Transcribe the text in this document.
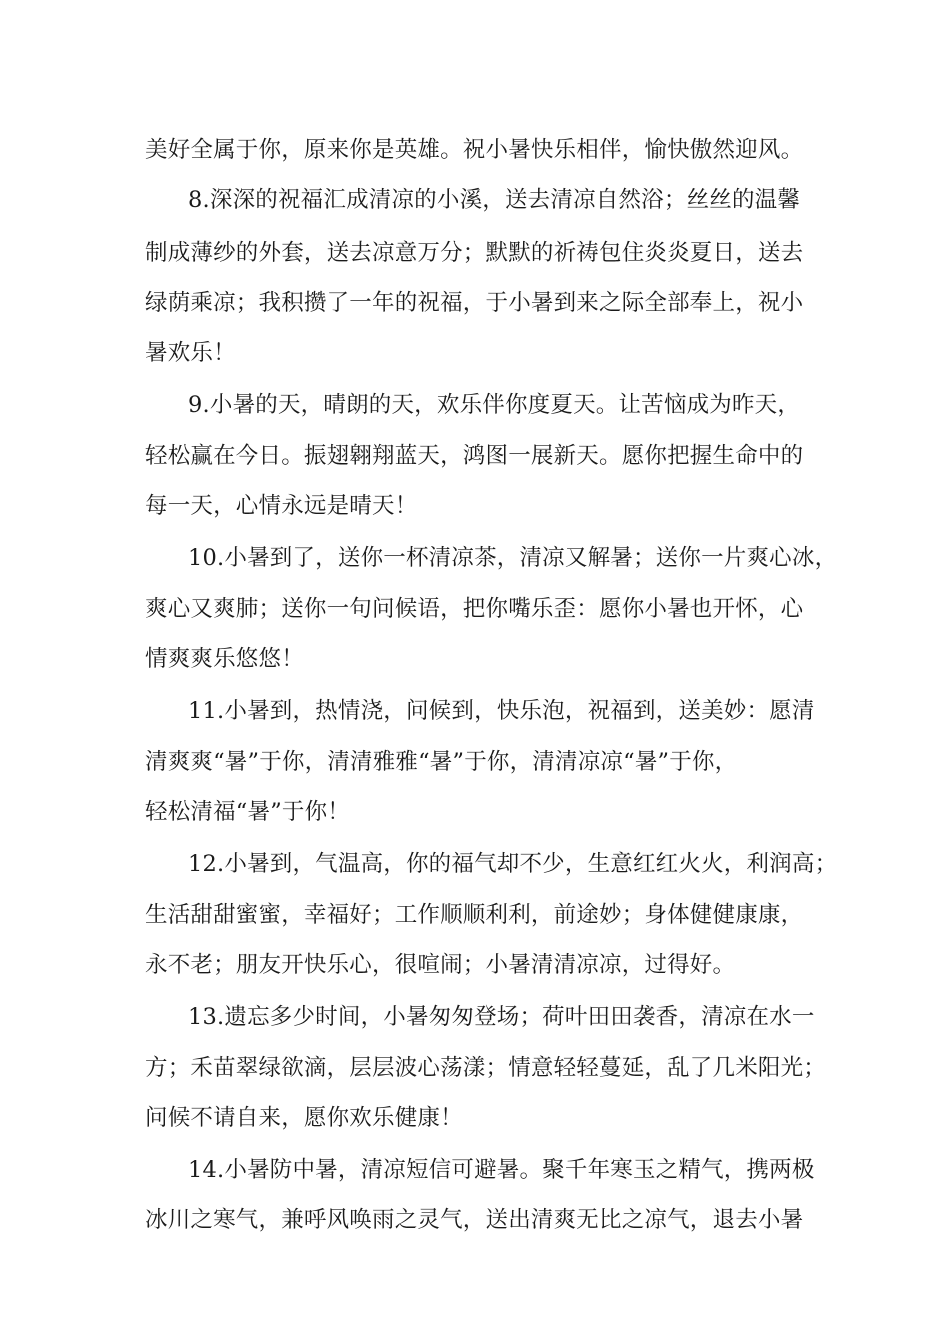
美好全属于你，原来你是英雄。祝小暑快乐相伴，愉快傲然迎风。
8.深深的祝福汇成清凉的小溪，送去清凉自然浴；丝丝的温馨
制成薄纱的外套，送去凉意万分；默默的祈祷包住炎炎夏日，送去
绿荫乘凉；我积攒了一年的祝福，于小暑到来之际全部奉上，祝小
暑欢乐！
9.小暑的天，晴朗的天，欢乐伴你度夏天。让苦恼成为昨天，
轻松赢在今日。振翅翱翔蓝天，鸿图一展新天。愿你把握生命中的
每一天，心情永远是晴天！
10.小暑到了，送你一杯清凉茶，清凉又解暑；送你一片爽心冰，
爽心又爽肺；送你一句问候语，把你嘴乐歪：愿你小暑也开怀，心
情爽爽乐悠悠！
11.小暑到，热情浇，问候到，快乐泡，祝福到，送美妙：愿清
清爽爽“暑”于你，清清雅雅“暑”于你，清清凉凉“暑”于你，
轻松清福“暑”于你！
12.小暑到，气温高，你的福气却不少，生意红红火火，利润高；
生活甜甜蜜蜜，幸福好；工作顺顺利利，前途妙；身体健健康康，
永不老；朋友开快乐心，很喧闹；小暑清清凉凉，过得好。
13.遗忘多少时间，小暑匆匆登场；荷叶田田袭香，清凉在水一
方；禾苗翠绿欲滴，层层波心荡漾；情意轻轻蔓延，乱了几米阳光；
问候不请自来，愿你欢乐健康！
14.小暑防中暑，清凉短信可避暑。聚千年寒玉之精气，携两极
冰川之寒气，兼呼风唤雨之灵气，送出清爽无比之凉气，退去小暑
